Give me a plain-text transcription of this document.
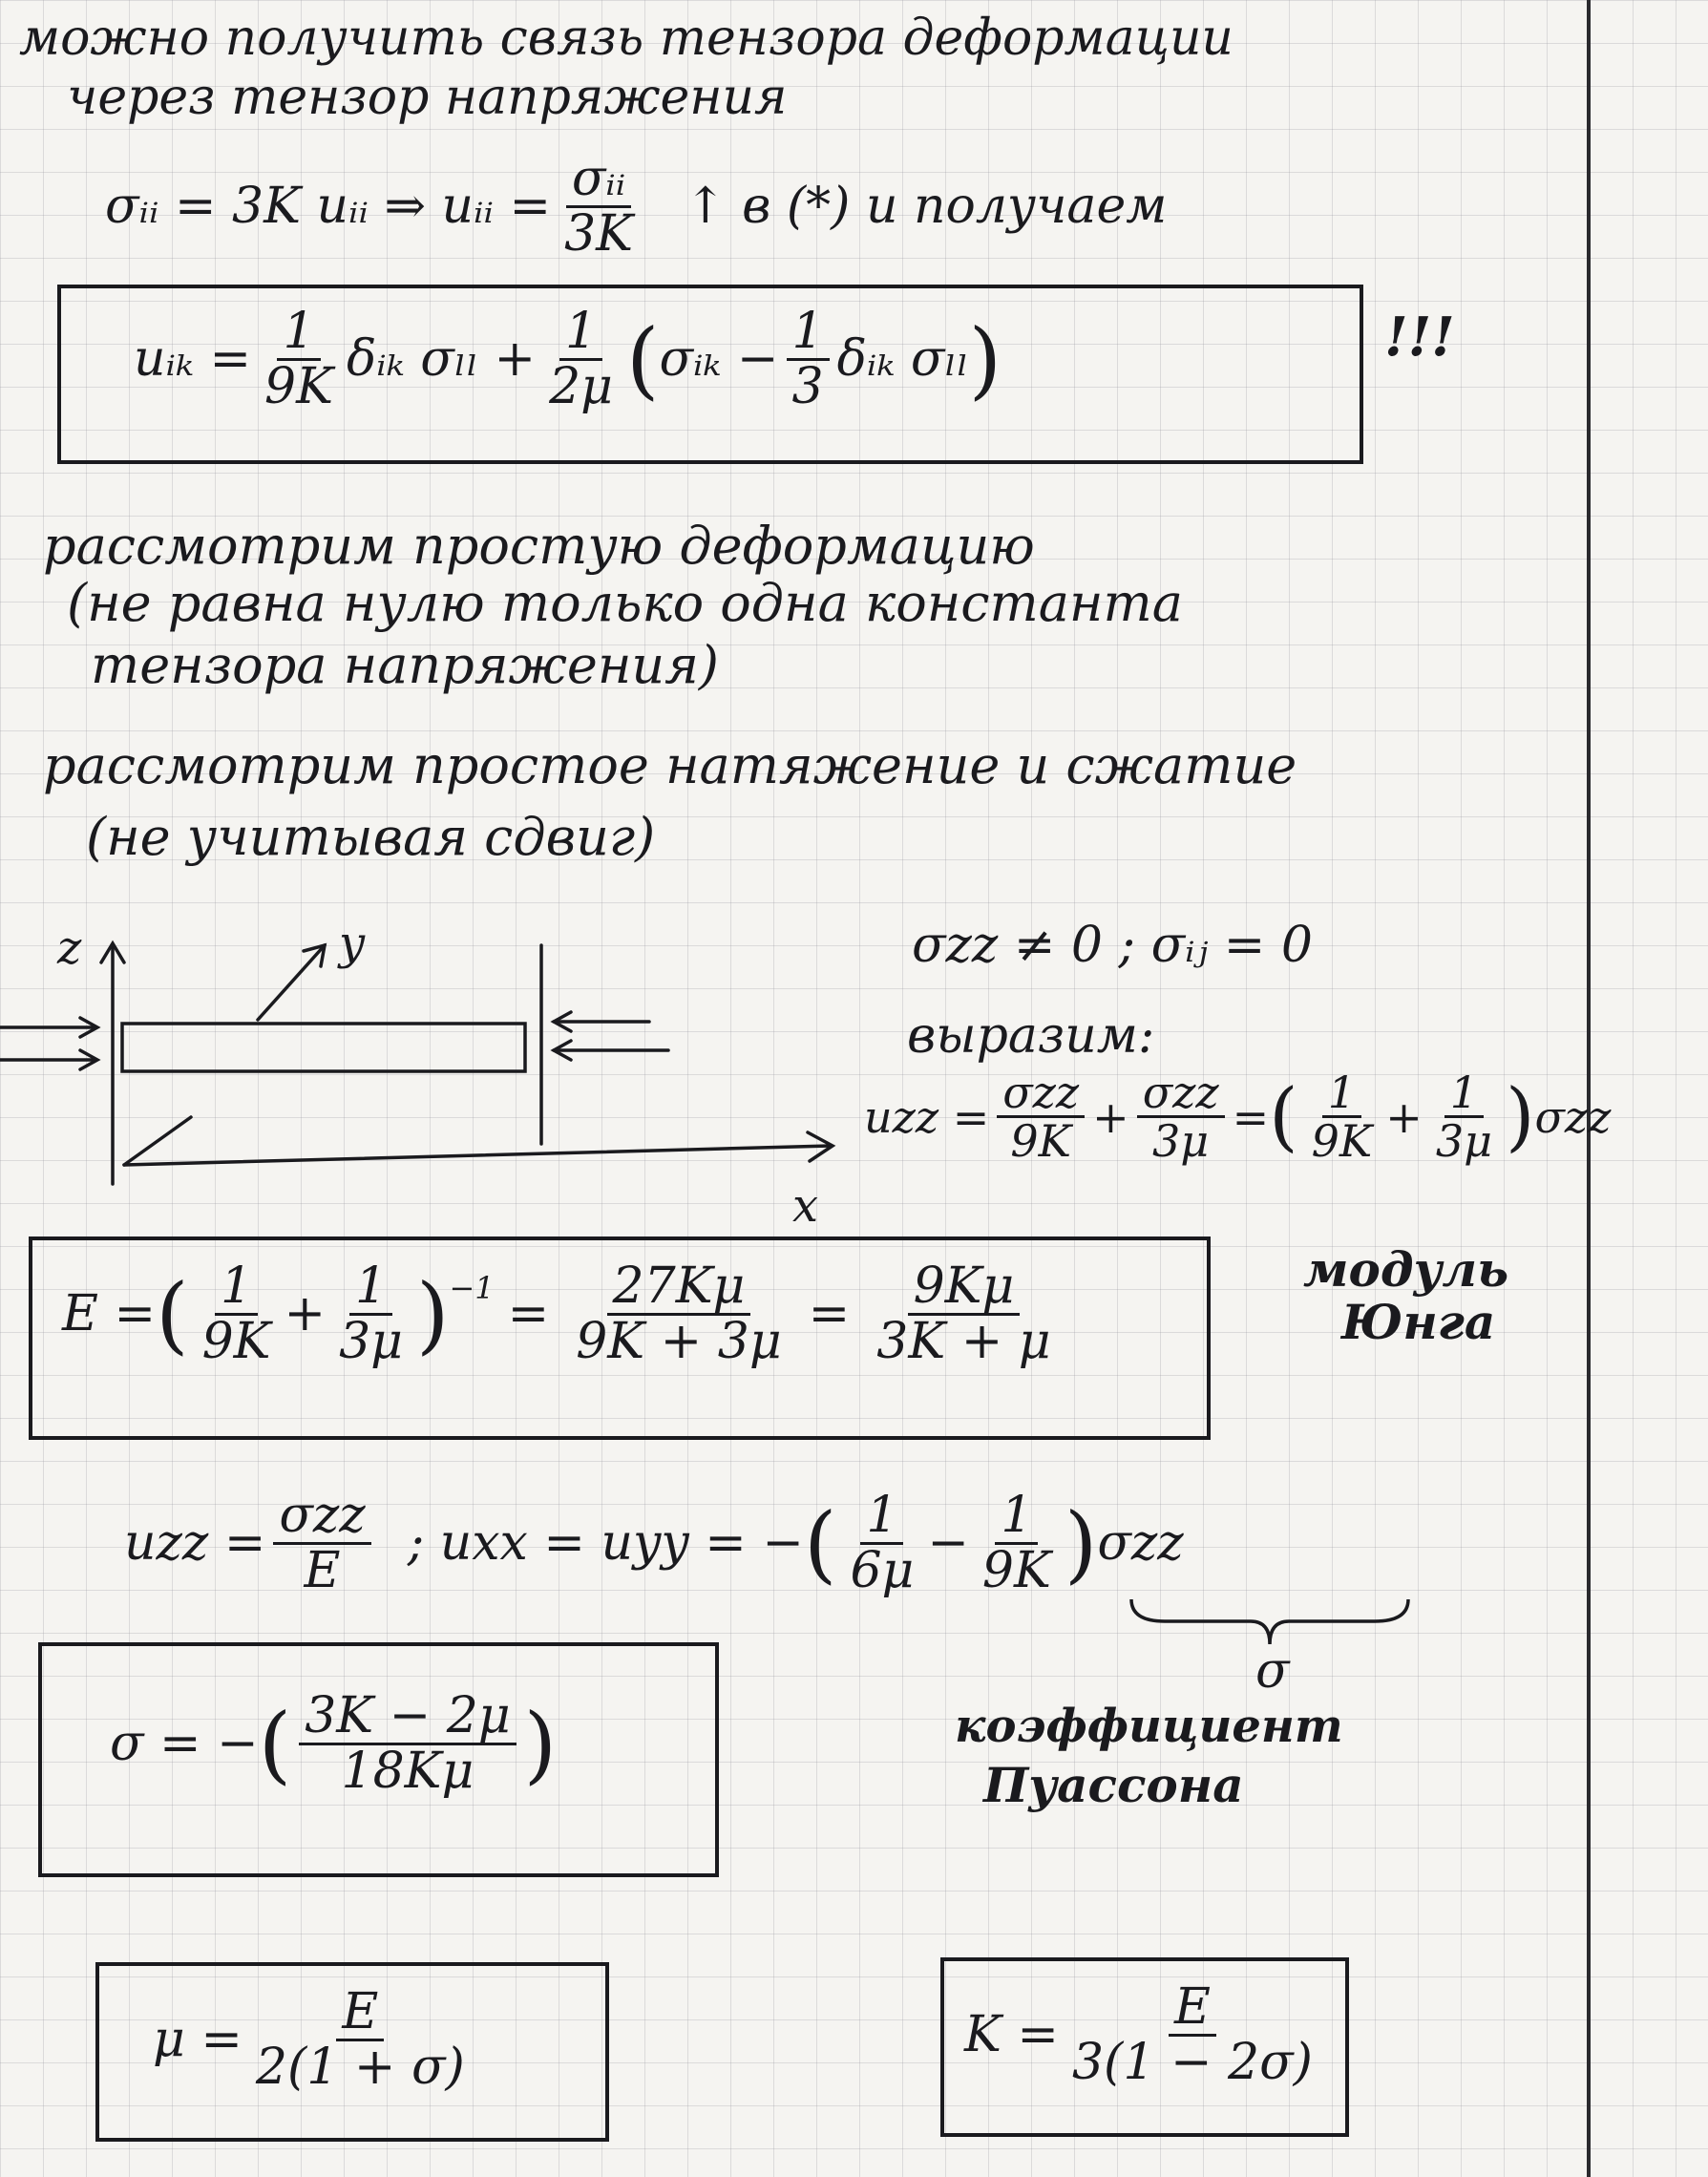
можно получить связь тензора деформации
через тензор напряжения
σᵢᵢ = 3K uᵢᵢ ⇒ uᵢᵢ = $\frac{\text{σᵢᵢ}}{3K}$ ↑ в (*) и получаем
uᵢₖ = $\frac{1}{9K}$ δᵢₖ $\sigma_{ll} + \frac{1}{2\mu}$ ( σᵢₖ − $\frac{1}{3}$ δᵢₖ σₗₗ )	!!!
рассмотрим простую деформацию
(не равна нулю только одна константа
тензора напряжения)
рассмотрим простое натяжение и сжатие
(не учитывая сдвиг)
z	y
x
σzz ≠ 0 ; σᵢⱼ = 0
выразим:
uzz = $\frac{\text{σzz}}{9K} + \frac{\text{σzz}}{3\mu}$ = ( $\frac{1}{9K} + \frac{1}{3\mu}$ ) σzz
E = ( $\frac{1}{9K} + \frac{1}{3\mu} )^{-1} = \frac{27K\mu}{9K + 3\mu} = \frac{9K\mu}{3K + \mu}$	модуль
Юнга
uzz = $\frac{\text{σzz}}{E}$ ; uxx = uyy = − ( $\frac{1}{6\mu} - \frac{1}{9K}$ ) σzz
σ
σ = − ( $\frac{3K - 2\mu}{18K\mu}$ )	коэффициент
Пуассона
$\mu = \frac{E}{2(1 + \sigma)}$	$K = \frac{E}{3(1 - 2\sigma)}$
